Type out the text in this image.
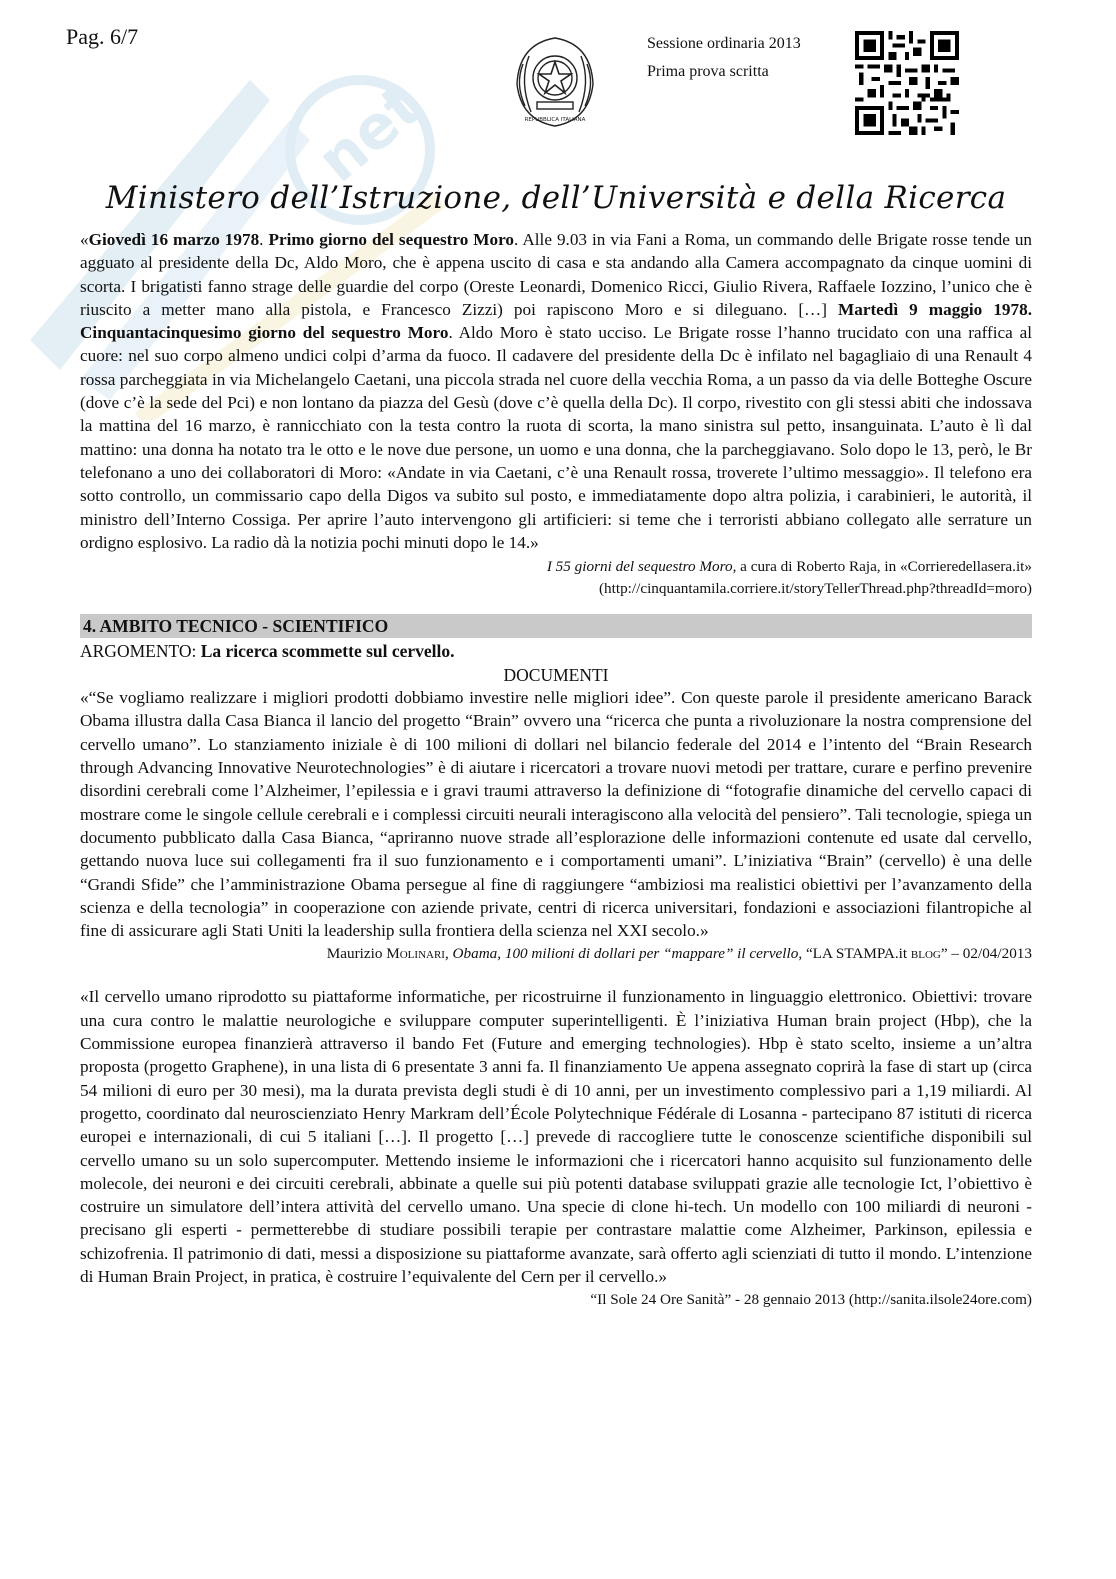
net
Pag. 6/7
REPUBBLICA ITALIANA
Sessione ordinaria 2013
Prima prova scritta
Ministero dell’Istruzione, dell’Università e della Ricerca

«Giovedì 16 marzo 1978. Primo giorno del sequestro Moro. Alle 9.03 in via Fani a Roma, un commando delle Brigate rosse tende un agguato al presidente della Dc, Aldo Moro, che è appena uscito di casa e sta andando alla Camera accompagnato da cinque uomini di scorta. I brigatisti fanno strage delle guardie del corpo (Oreste Leonardi, Domenico Ricci, Giulio Rivera, Raffaele Iozzino, l’unico che è riuscito a metter mano alla pistola, e Francesco Zizzi) poi rapiscono Moro e si dileguano. […] Martedì 9 maggio 1978. Cinquantacinquesimo giorno del sequestro Moro. Aldo Moro è stato ucciso. Le Brigate rosse l’hanno trucidato con una raffica al cuore: nel suo corpo almeno undici colpi d’arma da fuoco. Il cadavere del presidente della Dc è infilato nel bagagliaio di una Renault 4 rossa parcheggiata in via Michelangelo Caetani, una piccola strada nel cuore della vecchia Roma, a un passo da via delle Botteghe Oscure (dove c’è la sede del Pci) e non lontano da piazza del Gesù (dove c’è quella della Dc). Il corpo, rivestito con gli stessi abiti che indossava la mattina del 16 marzo, è rannicchiato con la testa contro la ruota di scorta, la mano sinistra sul petto, insanguinata. L’auto è lì dal mattino: una donna ha notato tra le otto e le nove due persone, un uomo e una donna, che la parcheggiavano. Solo dopo le 13, però, le Br telefonano a uno dei collaboratori di Moro: «Andate in via Caetani, c’è una Renault rossa, troverete l’ultimo messaggio». Il telefono era sotto controllo, un commissario capo della Digos va subito sul posto, e immediatamente dopo altra polizia, i carabinieri, le autorità, il ministro dell’Interno Cossiga. Per aprire l’auto intervengono gli artificieri: si teme che i terroristi abbiano collegato alle serrature un ordigno esplosivo. La radio dà la notizia pochi minuti dopo le 14.»

I 55 giorni del sequestro Moro, a cura di Roberto Raja, in «Corrieredellasera.it»
(http://cinquantamila.corriere.it/storyTellerThread.php?threadId=moro)
4. AMBITO TECNICO - SCIENTIFICO
ARGOMENTO: La ricerca scommette sul cervello.
DOCUMENTI

«“Se vogliamo realizzare i migliori prodotti dobbiamo investire nelle migliori idee”. Con queste parole il presidente americano Barack Obama illustra dalla Casa Bianca il lancio del progetto “Brain” ovvero una “ricerca che punta a rivoluzionare la nostra comprensione del cervello umano”. Lo stanziamento iniziale è di 100 milioni di dollari nel bilancio federale del 2014 e l’intento del “Brain Research through Advancing Innovative Neurotechnologies” è di aiutare i ricercatori a trovare nuovi metodi per trattare, curare e perfino prevenire disordini cerebrali come l’Alzheimer, l’epilessia e i gravi traumi attraverso la definizione di “fotografie dinamiche del cervello capaci di mostrare come le singole cellule cerebrali e i complessi circuiti neurali interagiscono alla velocità del pensiero”. Tali tecnologie, spiega un documento pubblicato dalla Casa Bianca, “apriranno nuove strade all’esplorazione delle informazioni contenute ed usate dal cervello, gettando nuova luce sui collegamenti fra il suo funzionamento e i comportamenti umani”. L’iniziativa “Brain” (cervello) è una delle “Grandi Sfide” che l’amministrazione Obama persegue al fine di raggiungere “ambiziosi ma realistici obiettivi per l’avanzamento della scienza e della tecnologia” in cooperazione con aziende private, centri di ricerca universitari, fondazioni e associazioni filantropiche al fine di assicurare agli Stati Uniti la leadership sulla frontiera della scienza nel XXI secolo.»

Maurizio Molinari, Obama, 100 milioni di dollari per “mappare” il cervello, “LA STAMPA.it blog” – 02/04/2013

«Il cervello umano riprodotto su piattaforme informatiche, per ricostruirne il funzionamento in linguaggio elettronico. Obiettivi: trovare una cura contro le malattie neurologiche e sviluppare computer superintelligenti. È l’iniziativa Human brain project (Hbp), che la Commissione europea finanzierà attraverso il bando Fet (Future and emerging technologies). Hbp è stato scelto, insieme a un’altra proposta (progetto Graphene), in una lista di 6 presentate 3 anni fa. Il finanziamento Ue appena assegnato coprirà la fase di start up (circa 54 milioni di euro per 30 mesi), ma la durata prevista degli studi è di 10 anni, per un investimento complessivo pari a 1,19 miliardi. Al progetto, coordinato dal neuroscienziato Henry Markram dell’École Polytechnique Fédérale di Losanna - partecipano 87 istituti di ricerca europei e internazionali, di cui 5 italiani […]. Il progetto […] prevede di raccogliere tutte le conoscenze scientifiche disponibili sul cervello umano su un solo supercomputer. Mettendo insieme le informazioni che i ricercatori hanno acquisito sul funzionamento delle molecole, dei neuroni e dei circuiti cerebrali, abbinate a quelle sui più potenti database sviluppati grazie alle tecnologie Ict, l’obiettivo è costruire un simulatore dell’intera attività del cervello umano. Una specie di clone hi-tech. Un modello con 100 miliardi di neuroni - precisano gli esperti - permetterebbe di studiare possibili terapie per contrastare malattie come Alzheimer, Parkinson, epilessia e schizofrenia. Il patrimonio di dati, messi a disposizione su piattaforme avanzate, sarà offerto agli scienziati di tutto il mondo. L’intenzione di Human Brain Project, in pratica, è costruire l’equivalente del Cern per il cervello.»

“Il Sole 24 Ore Sanità” - 28 gennaio 2013 (http://sanita.ilsole24ore.com)
